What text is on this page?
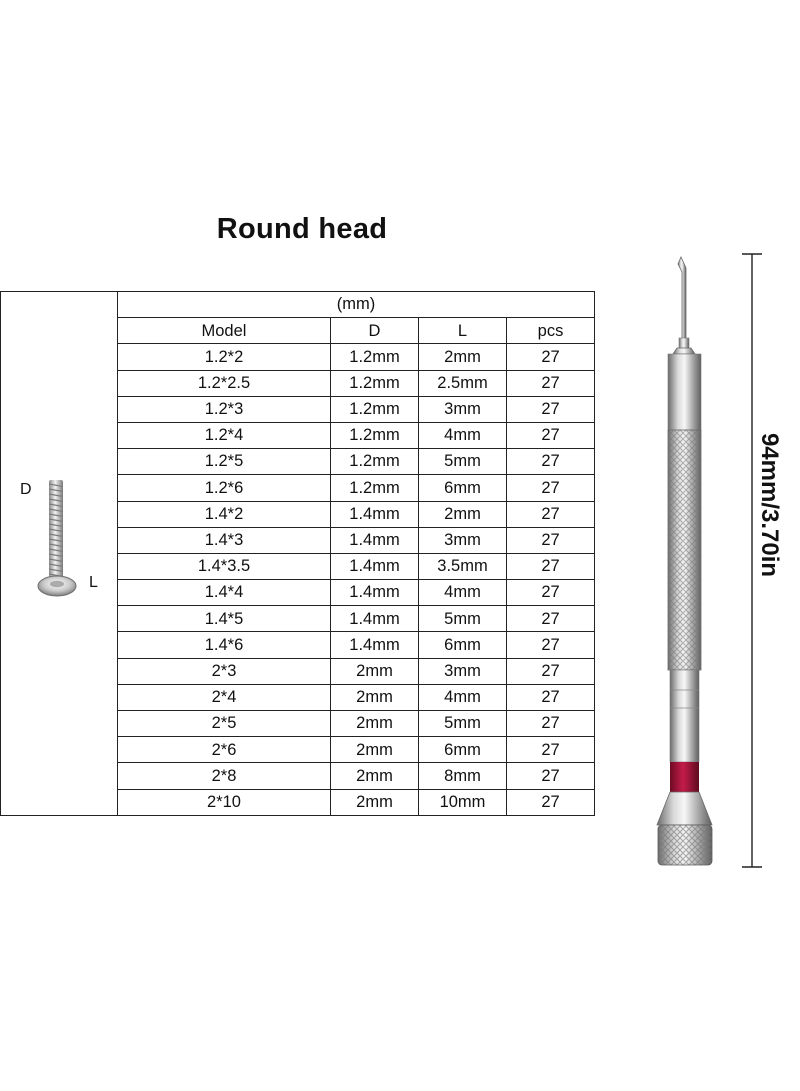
Round head
D
L	(mm)			
	Model	D	L	pcs
	1.2*2	1.2mm	2mm	27
	1.2*2.5	1.2mm	2.5mm	27
	1.2*3	1.2mm	3mm	27
	1.2*4	1.2mm	4mm	27
	1.2*5	1.2mm	5mm	27
	1.2*6	1.2mm	6mm	27
	1.4*2	1.4mm	2mm	27
	1.4*3	1.4mm	3mm	27
	1.4*3.5	1.4mm	3.5mm	27
	1.4*4	1.4mm	4mm	27
	1.4*5	1.4mm	5mm	27
	1.4*6	1.4mm	6mm	27
	2*3	2mm	3mm	27
	2*4	2mm	4mm	27
	2*5	2mm	5mm	27
	2*6	2mm	6mm	27
	2*8	2mm	8mm	27
	2*10	2mm	10mm	27
94mm/3.70in
